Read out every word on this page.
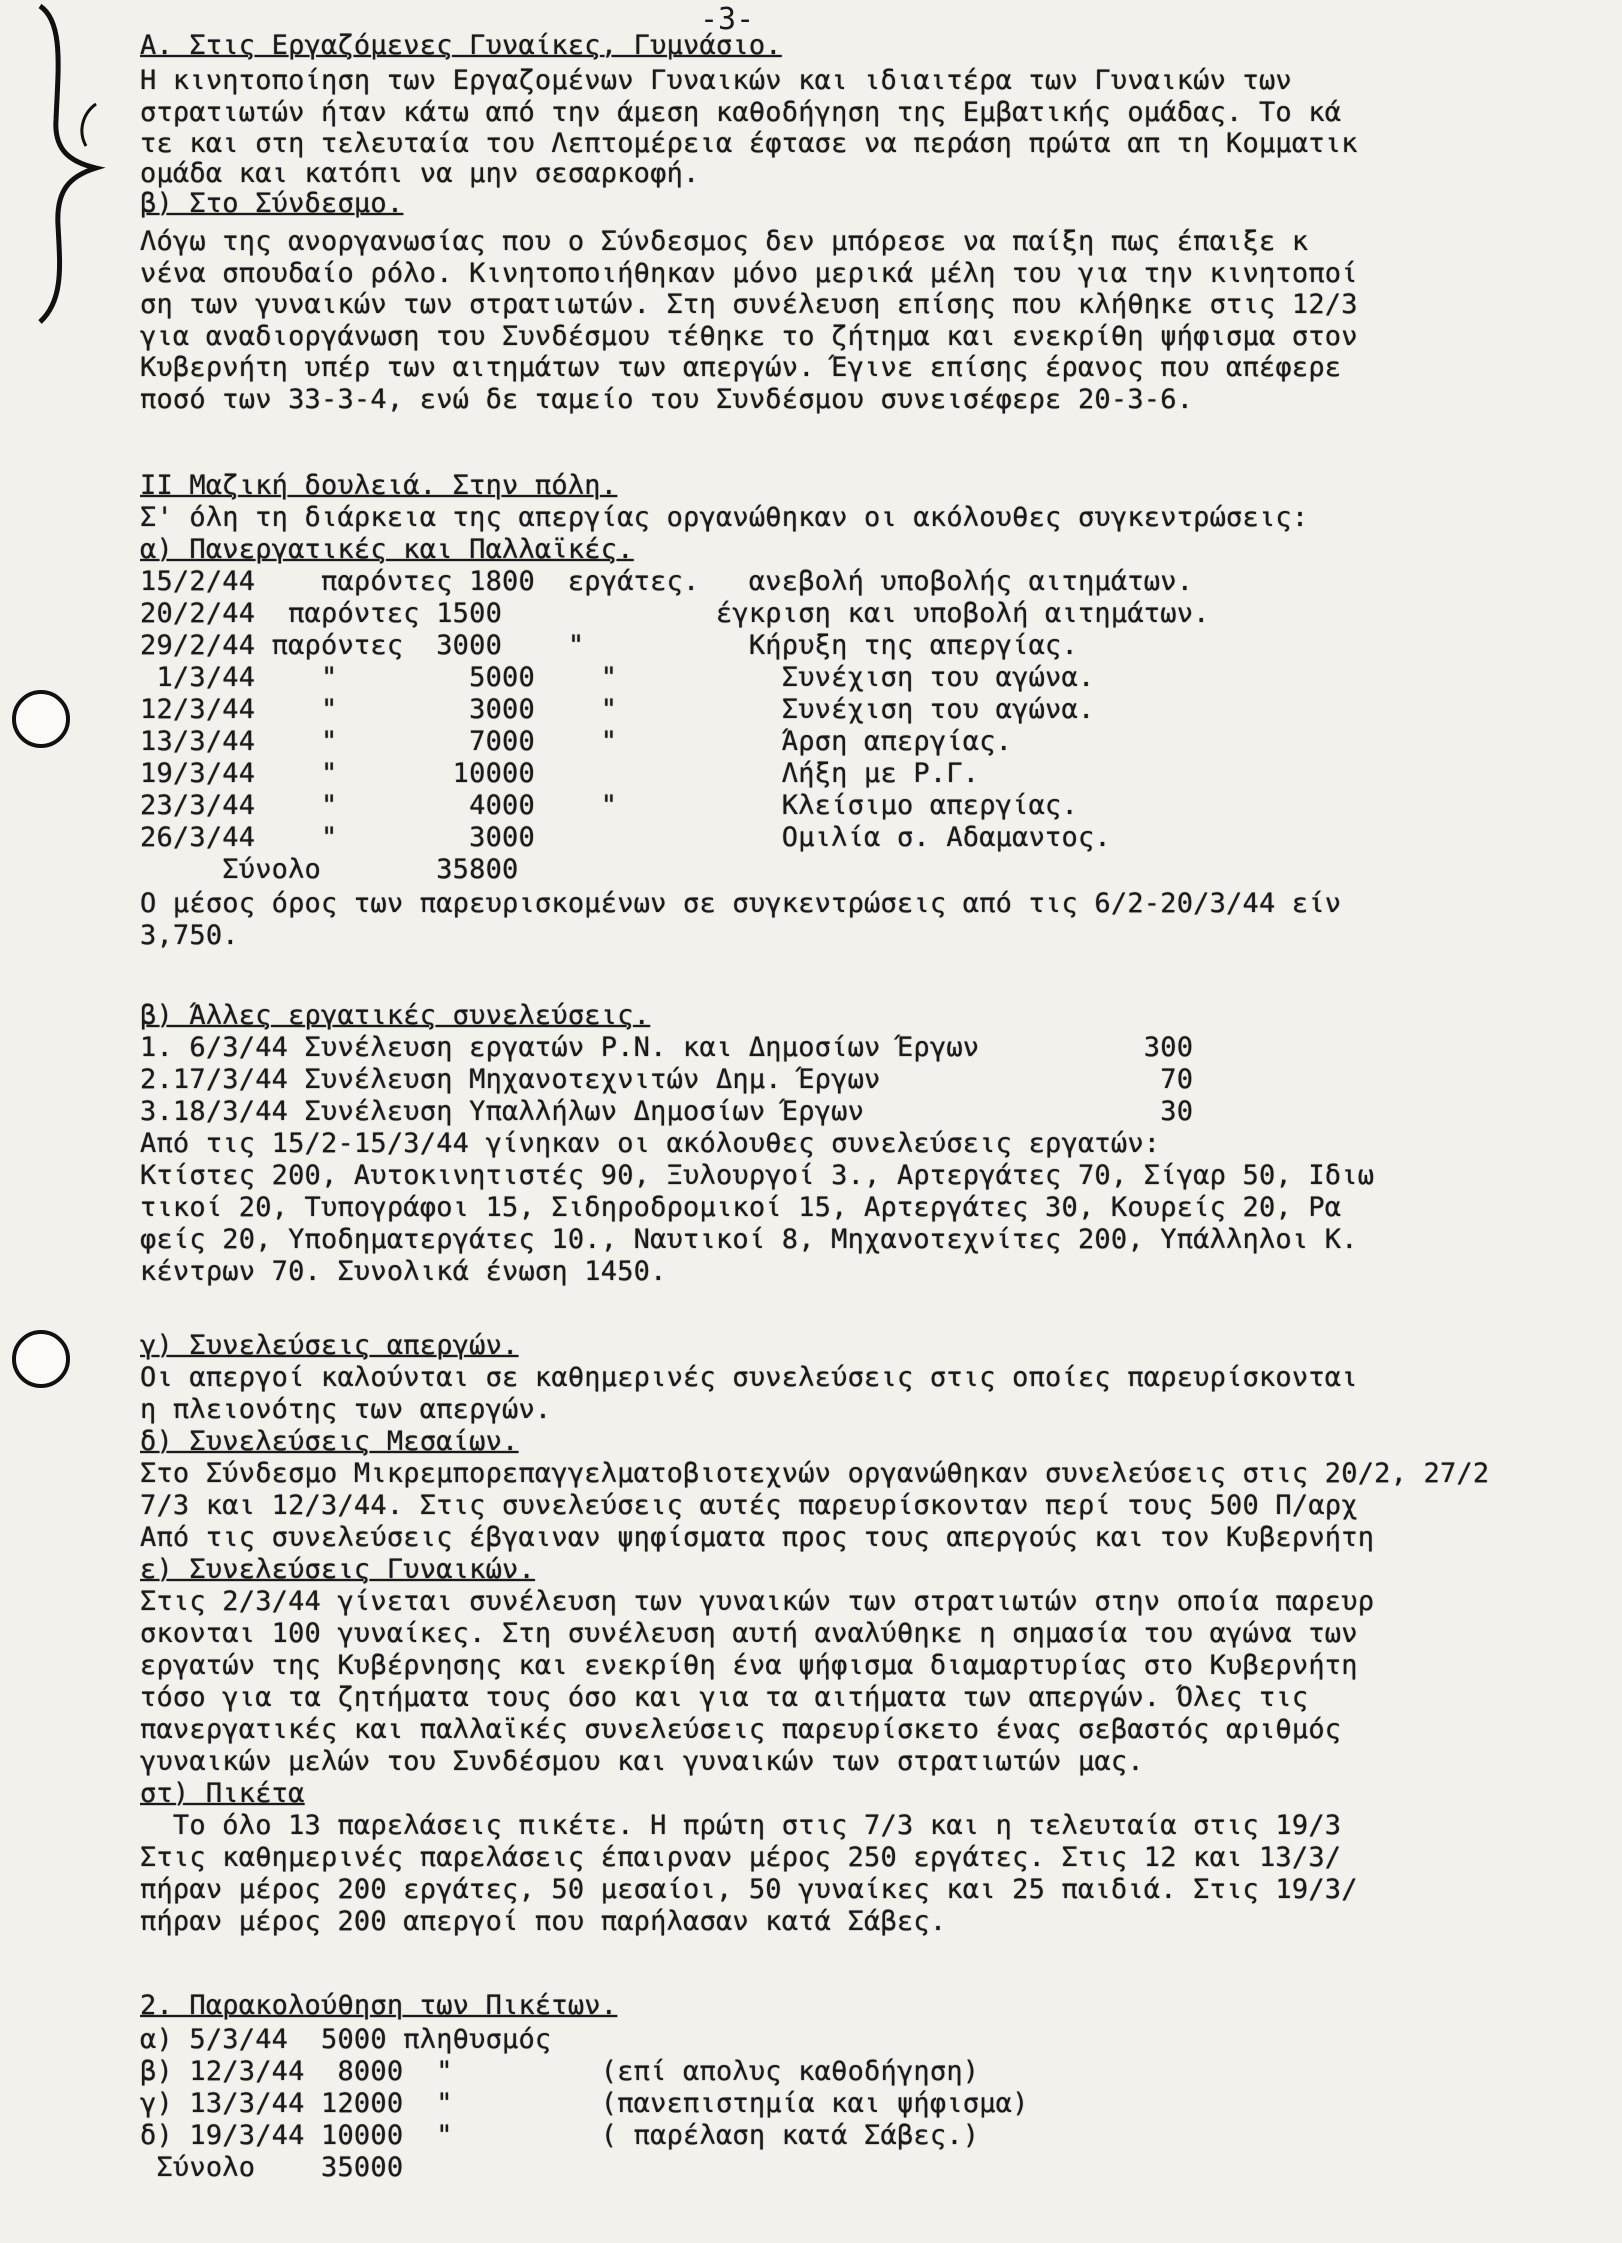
-3-
A. Στις Εργαζόμενες Γυναίκες, Γυμνάσιο.
Η κινητοποίηση των Εργαζομένων Γυναικών και ιδιαιτέρα των Γυναικών των
στρατιωτών ήταν κάτω από την άμεση καθοδήγηση της Εμβατικής ομάδας. Το κά
τε και στη τελευταία του Λεπτομέρεια έφτασε να περάση πρώτα απ τη Κομματικ
ομάδα και κατόπι να μην σεσαρκοφή.
β) Στο Σύνδεσμο.
Λόγω της ανοργανωσίας που ο Σύνδεσμος δεν μπόρεσε να παίξη πως έπαιξε κ
νένα σπουδαίο ρόλο. Κινητοποιήθηκαν μόνο μερικά μέλη του για την κινητοποί
ση των γυναικών των στρατιωτών. Στη συνέλευση επίσης που κλήθηκε στις 12/3
για αναδιοργάνωση του Συνδέσμου τέθηκε το ζήτημα και ενεκρίθη ψήφισμα στον
Κυβερνήτη υπέρ των αιτημάτων των απεργών. Έγινε επίσης έρανος που απέφερε
ποσό των 33-3-4, ενώ δε ταμείο του Συνδέσμου συνεισέφερε 20-3-6.
II Μαζική δουλειά. Στην πόλη.
Σ' όλη τη διάρκεια της απεργίας οργανώθηκαν οι ακόλουθες συγκεντρώσεις:
α) Πανεργατικές και Παλλαϊκές.
15/2/44    παρόντες 1800  εργάτες.   ανεβολή υποβολής αιτημάτων.
20/2/44  παρόντες 1500             έγκριση και υποβολή αιτημάτων.
29/2/44 παρόντες  3000    "          Κήρυξη της απεργίας.
1/3/44    "        5000    "          Συνέχιση του αγώνα.
12/3/44    "        3000    "          Συνέχιση του αγώνα.
13/3/44    "        7000    "          Άρση απεργίας.
19/3/44    "       10000               Λήξη με Ρ.Γ.
23/3/44    "        4000    "          Κλείσιμο απεργίας.
26/3/44    "        3000               Ομιλία σ. Αδαμαντος.
Σύνολο       35800
Ο μέσος όρος των παρευρισκομένων σε συγκεντρώσεις από τις 6/2-20/3/44 είν
3,750.
β) Άλλες εργατικές συνελεύσεις.
1. 6/3/44 Συνέλευση εργατών Ρ.Ν. και Δημοσίων Έργων          300
2.17/3/44 Συνέλευση Μηχανοτεχνιτών Δημ. Έργων                 70
3.18/3/44 Συνέλευση Υπαλλήλων Δημοσίων Έργων                  30
Από τις 15/2-15/3/44 γίνηκαν οι ακόλουθες συνελεύσεις εργατών:
Κτίστες 200, Αυτοκινητιστές 90, Ξυλουργοί 3., Αρτεργάτες 70, Σίγαρ 50, Ιδιω
τικοί 20, Τυπογράφοι 15, Σιδηροδρομικοί 15, Αρτεργάτες 30, Κουρείς 20, Ρα
φείς 20, Υποδηματεργάτες 10., Ναυτικοί 8, Μηχανοτεχνίτες 200, Υπάλληλοι Κ.
κέντρων 70. Συνολικά ένωση 1450.
γ) Συνελεύσεις απεργών.
Οι απεργοί καλούνται σε καθημερινές συνελεύσεις στις οποίες παρευρίσκονται
η πλειονότης των απεργών.
δ) Συνελεύσεις Μεσαίων.
Στο Σύνδεσμο Μικρεμπορεπαγγελματοβιοτεχνών οργανώθηκαν συνελεύσεις στις 20/2, 27/2
7/3 και 12/3/44. Στις συνελεύσεις αυτές παρευρίσκονταν περί τους 500 Π/αρχ
Από τις συνελεύσεις έβγαιναν ψηφίσματα προς τους απεργούς και τον Κυβερνήτη
ε) Συνελεύσεις Γυναικών.
Στις 2/3/44 γίνεται συνέλευση των γυναικών των στρατιωτών στην οποία παρευρ
σκονται 100 γυναίκες. Στη συνέλευση αυτή αναλύθηκε η σημασία του αγώνα των
εργατών της Κυβέρνησης και ενεκρίθη ένα ψήφισμα διαμαρτυρίας στο Κυβερνήτη
τόσο για τα ζητήματα τους όσο και για τα αιτήματα των απεργών. Όλες τις
πανεργατικές και παλλαϊκές συνελεύσεις παρευρίσκετο ένας σεβαστός αριθμός
γυναικών μελών του Συνδέσμου και γυναικών των στρατιωτών μας.
στ) Πικέτα
Το όλο 13 παρελάσεις πικέτε. Η πρώτη στις 7/3 και η τελευταία στις 19/3
Στις καθημερινές παρελάσεις έπαιρναν μέρος 250 εργάτες. Στις 12 και 13/3/
πήραν μέρος 200 εργάτες, 50 μεσαίοι, 50 γυναίκες και 25 παιδιά. Στις 19/3/
πήραν μέρος 200 απεργοί που παρήλασαν κατά Σάβες.
2. Παρακολούθηση των Πικέτων.
α) 5/3/44  5000 πληθυσμός
β) 12/3/44  8000  "         (επί απολυς καθοδήγηση)
γ) 13/3/44 12000  "         (πανεπιστημία και ψήφισμα)
δ) 19/3/44 10000  "         ( παρέλαση κατά Σάβες.)
Σύνολο    35000
